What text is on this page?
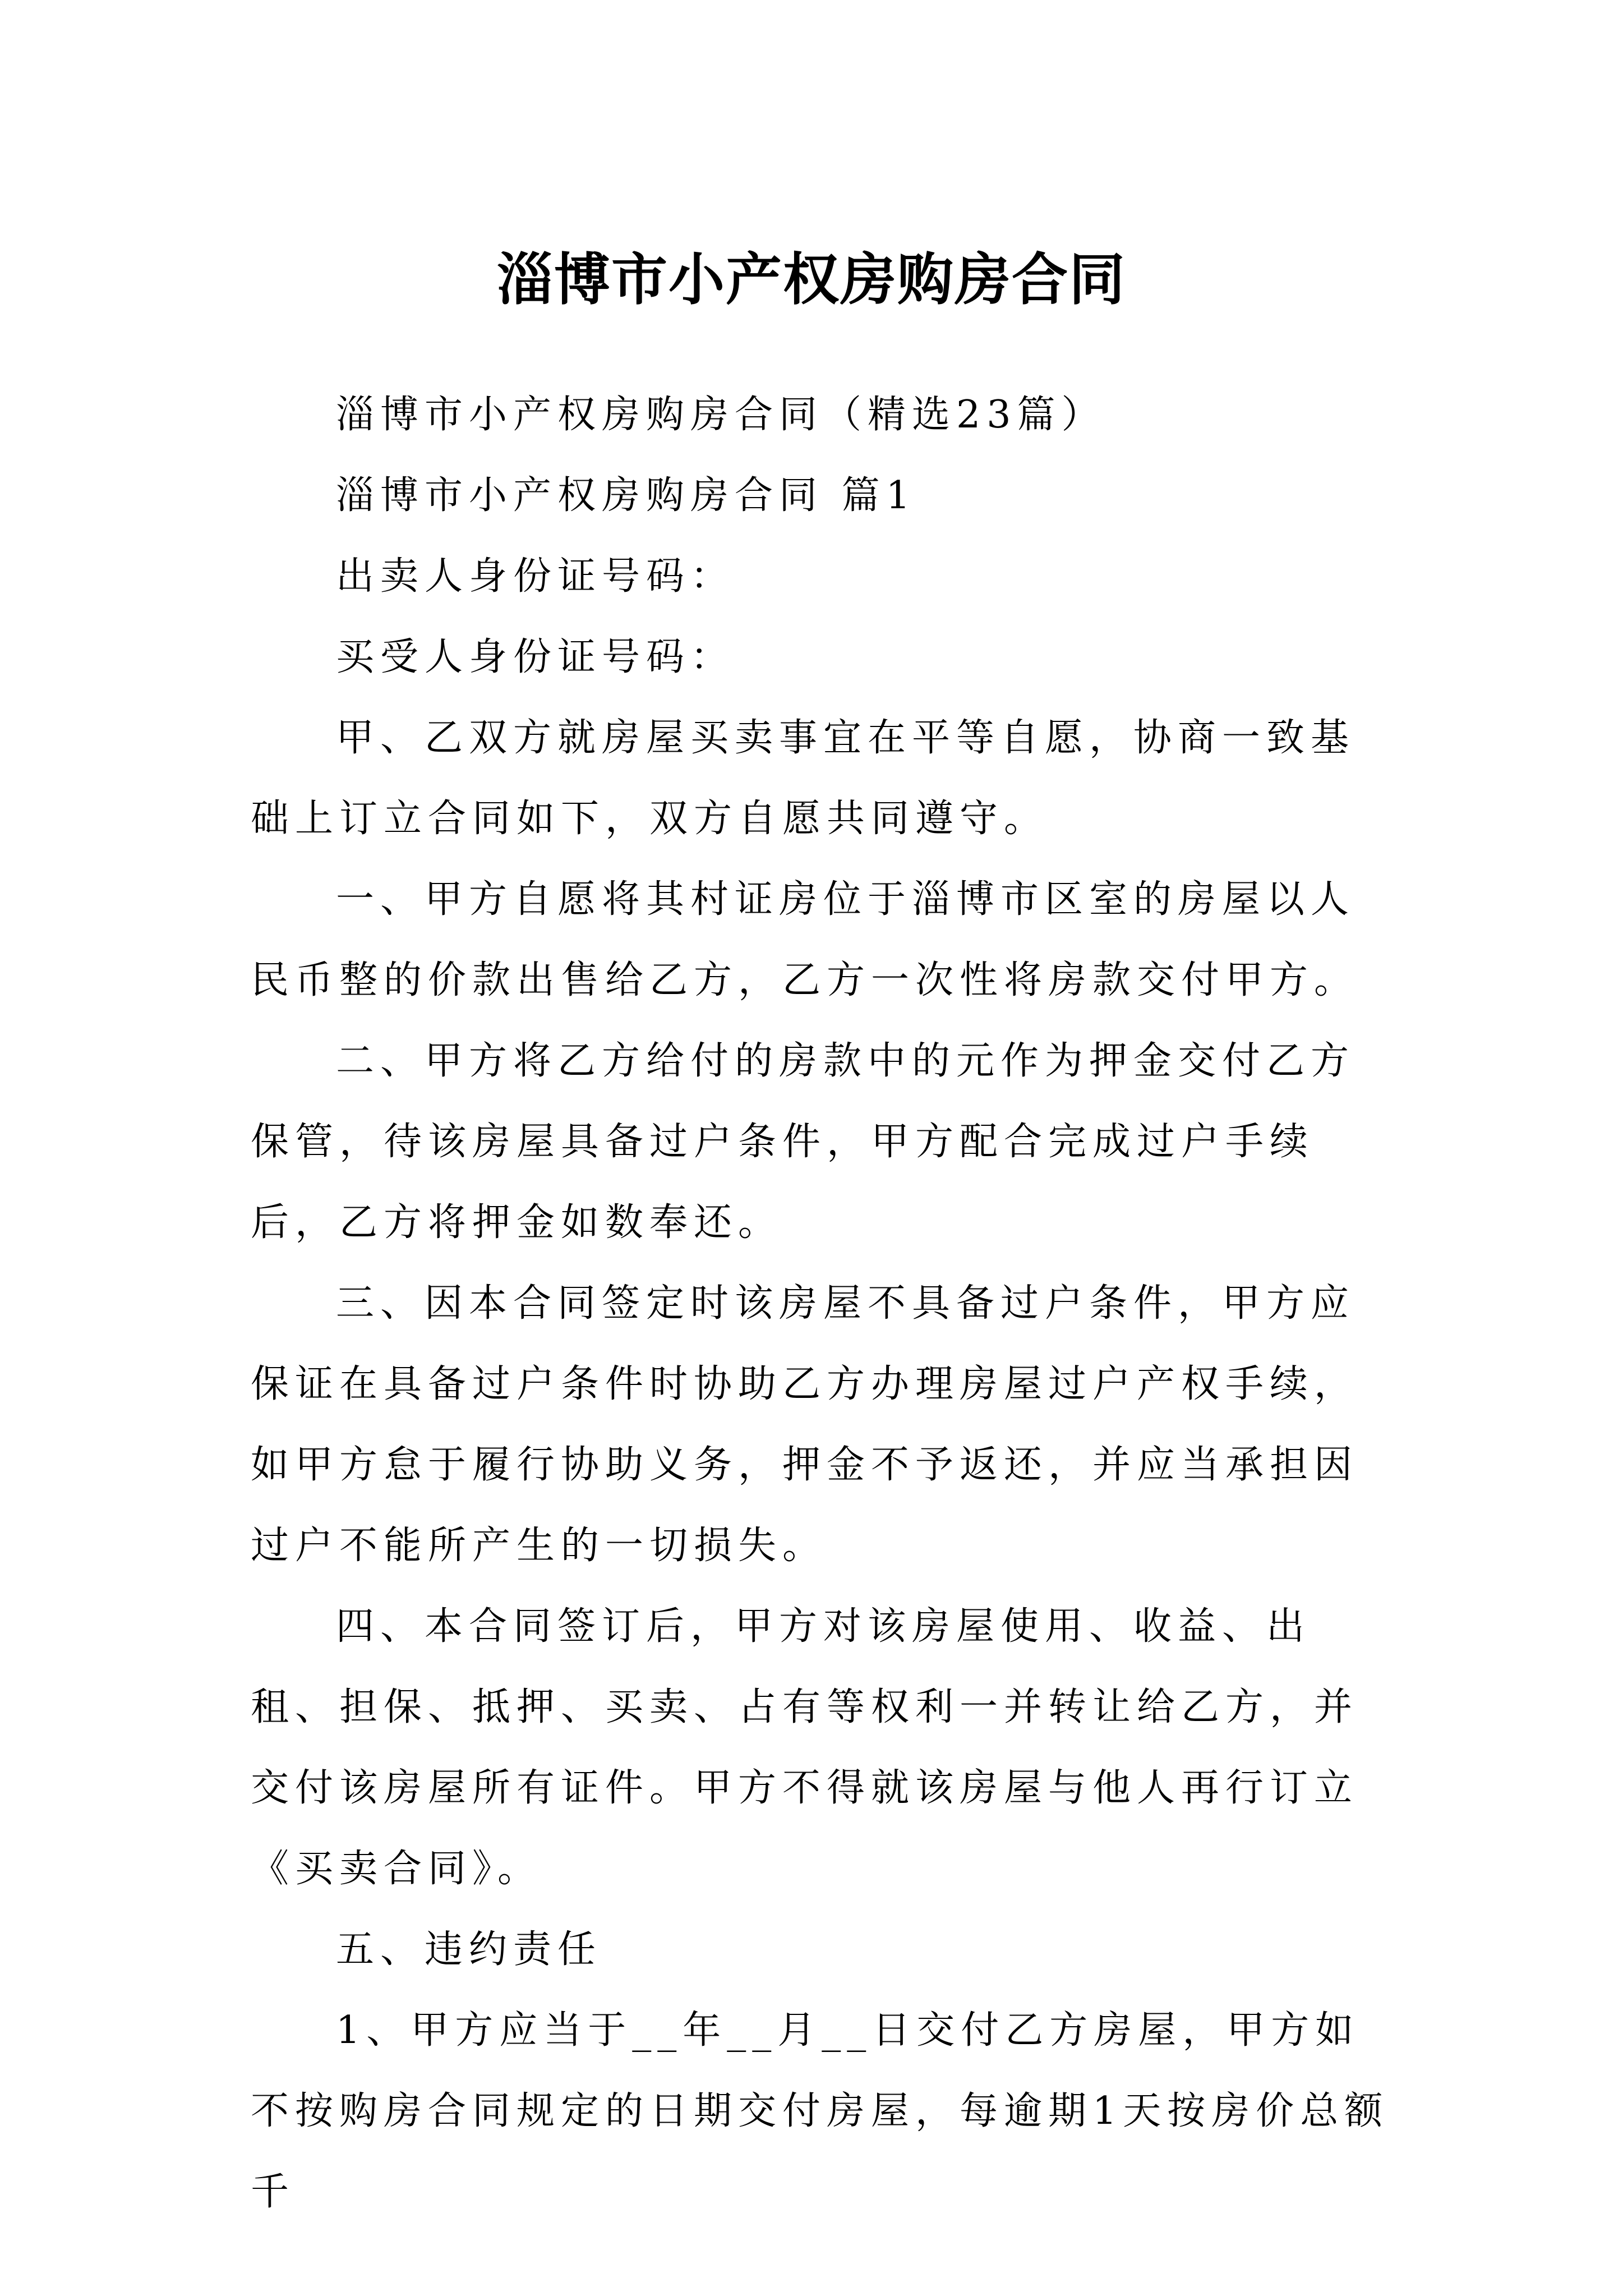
淄博市小产权房购房合同

淄博市小产权房购房合同（精选23篇）

淄博市小产权房购房合同 篇1

出卖人身份证号码：

买受人身份证号码：

甲、乙双方就房屋买卖事宜在平等自愿，协商一致基础上订立合同如下，双方自愿共同遵守。

一、甲方自愿将其村证房位于淄博市区室的房屋以人民币整的价款出售给乙方，乙方一次性将房款交付甲方。

二、甲方将乙方给付的房款中的元作为押金交付乙方保管，待该房屋具备过户条件，甲方配合完成过户手续后，乙方将押金如数奉还。

三、因本合同签定时该房屋不具备过户条件，甲方应保证在具备过户条件时协助乙方办理房屋过户产权手续，如甲方怠于履行协助义务，押金不予返还，并应当承担因过户不能所产生的一切损失。

四、本合同签订后，甲方对该房屋使用、收益、出租、担保、抵押、买卖、占有等权利一并转让给乙方，并交付该房屋所有证件。甲方不得就该房屋与他人再行订立《买卖合同》。

五、违约责任

1、甲方应当于__年__月__日交付乙方房屋，甲方如不按购房合同规定的日期交付房屋，每逾期1天按房价总额千
